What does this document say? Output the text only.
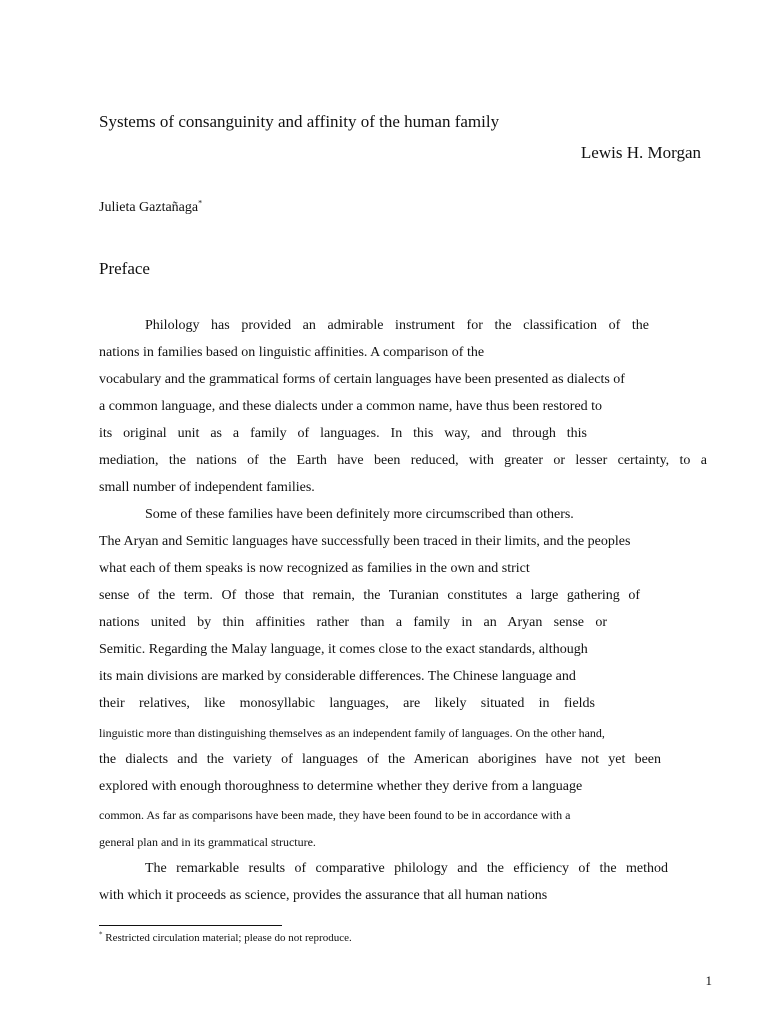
Systems of consanguinity and affinity of the human family
Lewis H. Morgan
Julieta Gaztañaga*
Preface
Philology has provided an admirable instrument for the classification of the
nations in families based on linguistic affinities. A comparison of the
vocabulary and the grammatical forms of certain languages have been presented as dialects of
a common language, and these dialects under a common name, have thus been restored to
its original unit as a family of languages. In this way, and through this
mediation, the nations of the Earth have been reduced, with greater or lesser certainty, to a
small number of independent families.
Some of these families have been definitely more circumscribed than others.
The Aryan and Semitic languages have successfully been traced in their limits, and the peoples
what each of them speaks is now recognized as families in the own and strict
sense of the term. Of those that remain, the Turanian constitutes a large gathering of
nations united by thin affinities rather than a family in an Aryan sense or
Semitic. Regarding the Malay language, it comes close to the exact standards, although
its main divisions are marked by considerable differences. The Chinese language and
their relatives, like monosyllabic languages, are likely situated in fields
linguistic more than distinguishing themselves as an independent family of languages. On the other hand,
the dialects and the variety of languages of the American aborigines have not yet been
explored with enough thoroughness to determine whether they derive from a language
common. As far as comparisons have been made, they have been found to be in accordance with a
general plan and in its grammatical structure.
The remarkable results of comparative philology and the efficiency of the method
with which it proceeds as science, provides the assurance that all human nations
* Restricted circulation material; please do not reproduce.
1
